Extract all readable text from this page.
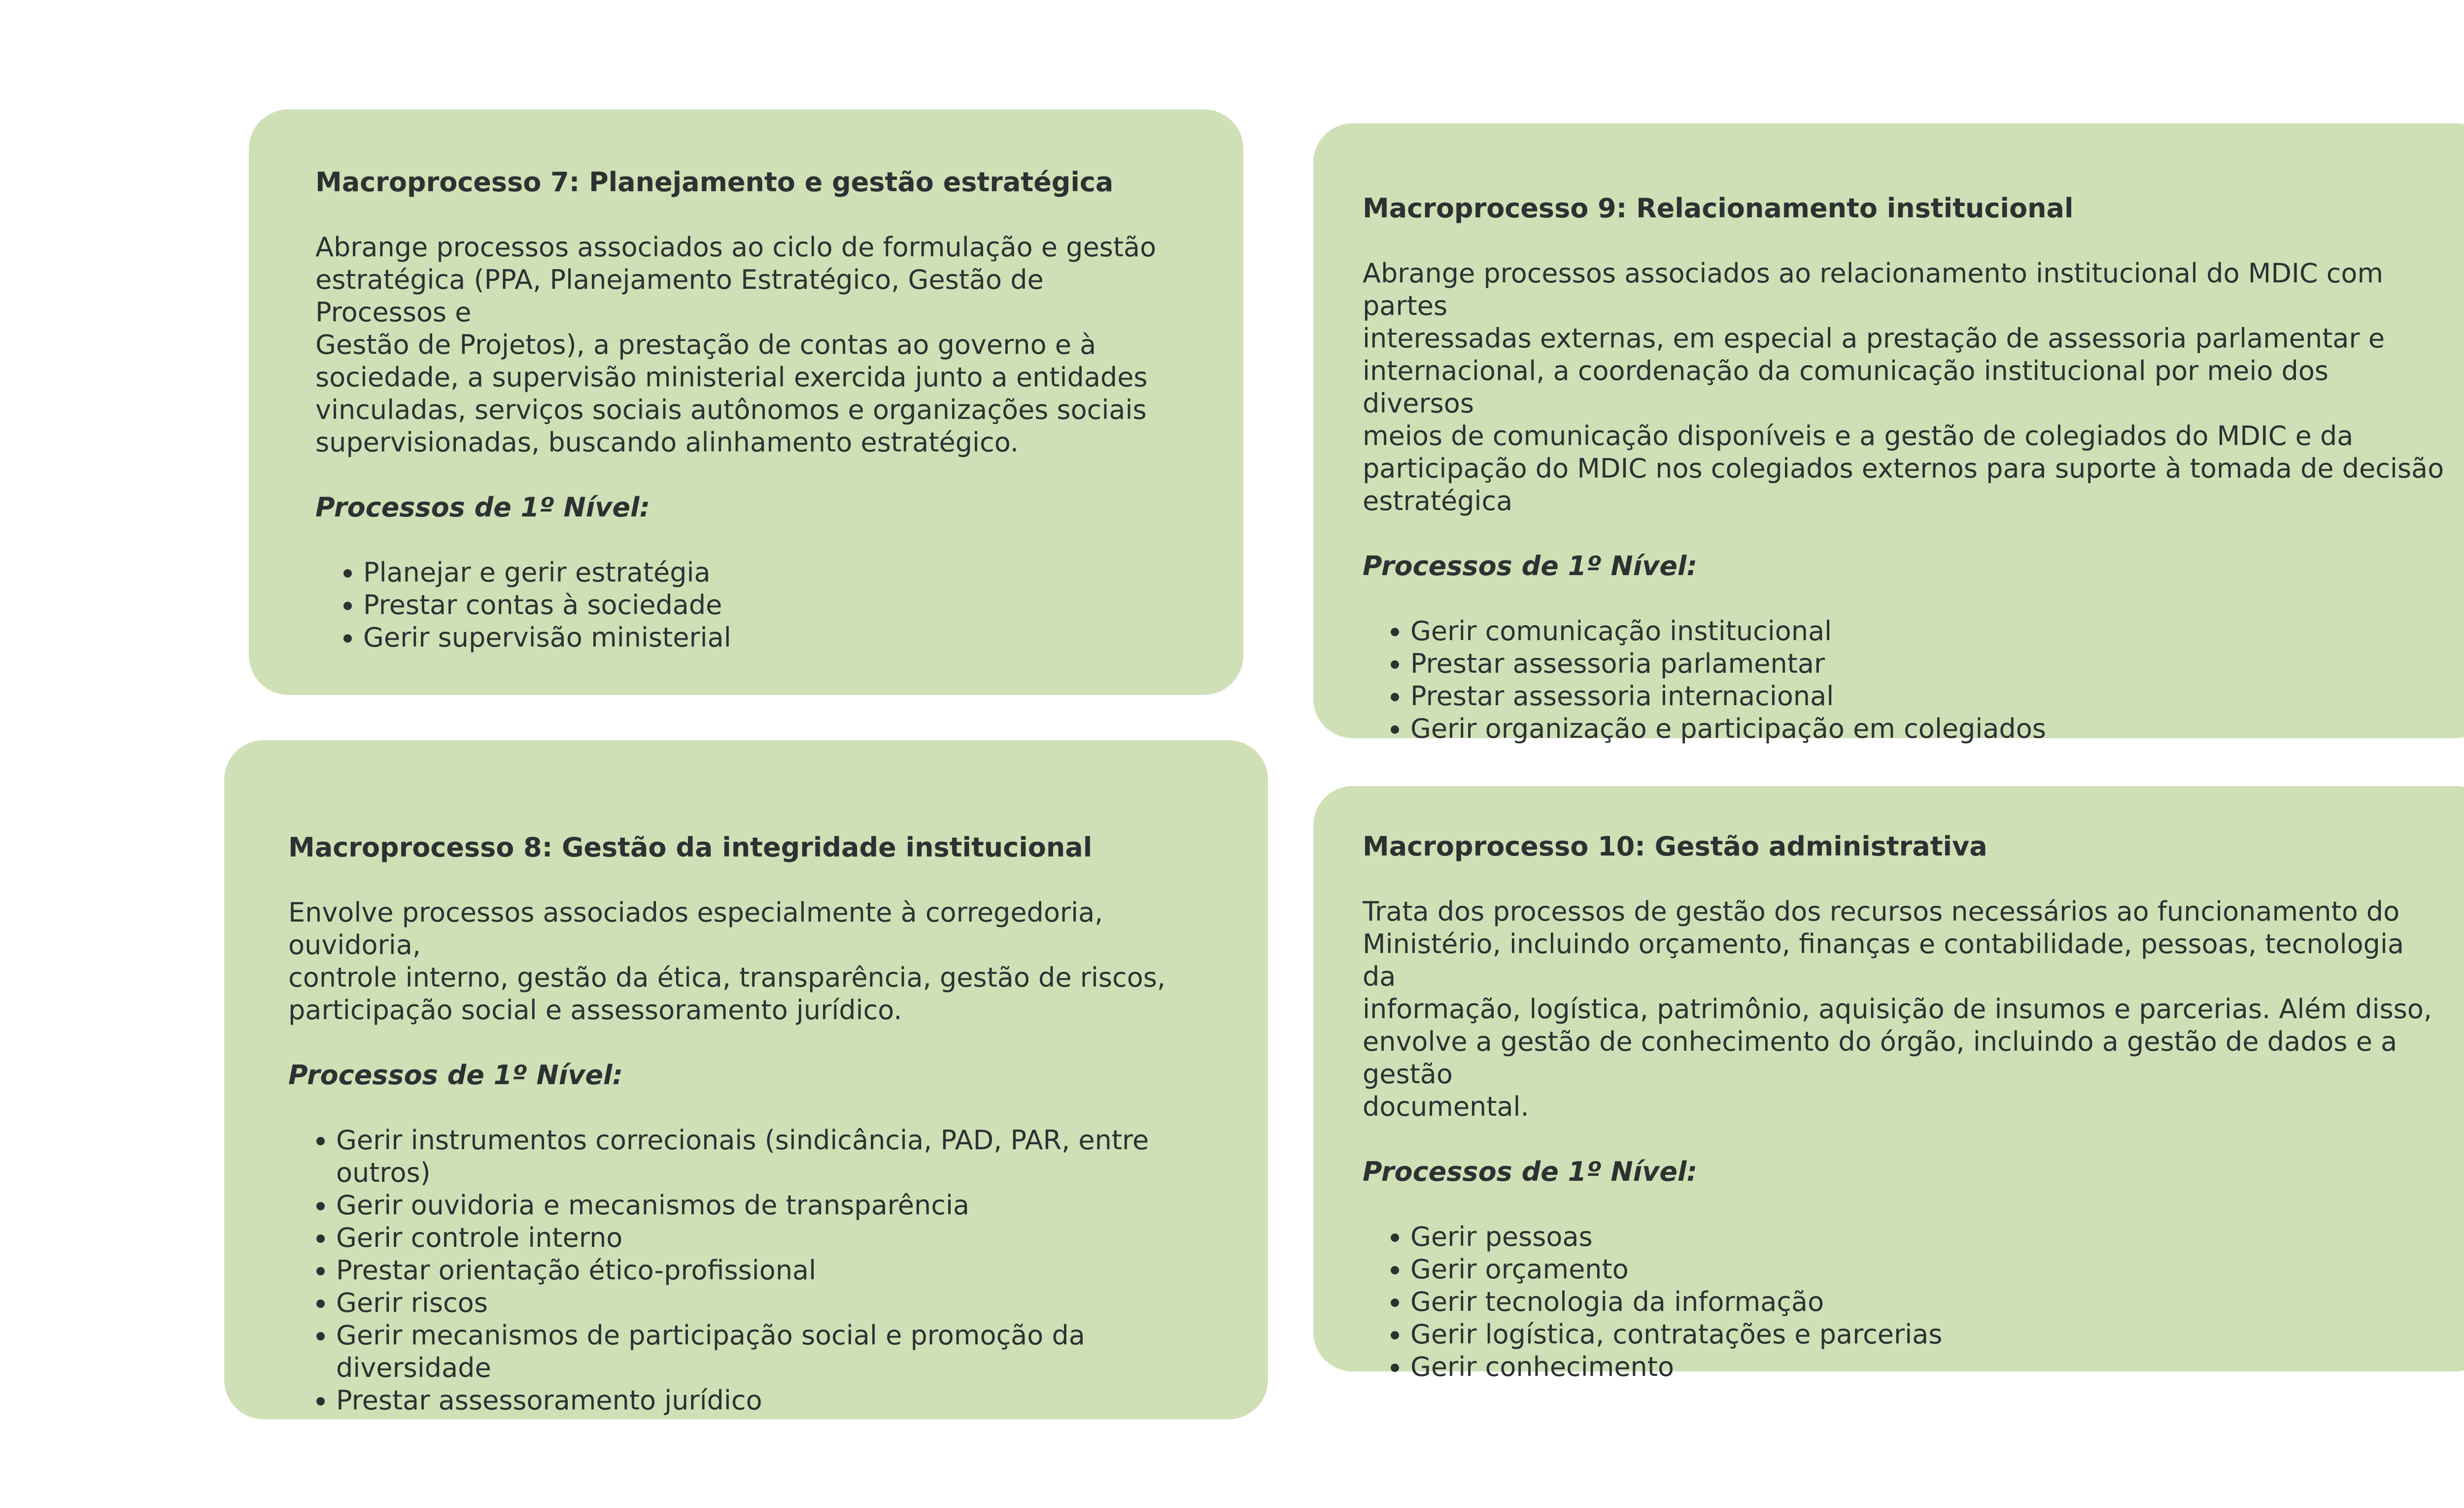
Macroprocesso 7: Planejamento e gestão estratégica
Abrange processos associados ao ciclo de formulação e gestão
estratégica (PPA, Planejamento Estratégico, Gestão de Processos e
Gestão de Projetos), a prestação de contas ao governo e à
sociedade, a supervisão ministerial exercida junto a entidades
vinculadas, serviços sociais autônomos e organizações sociais
supervisionadas, buscando alinhamento estratégico.
Processos de 1º Nível:
• Planejar e gerir estratégia
• Prestar contas à sociedade
• Gerir supervisão ministerial
Macroprocesso 8: Gestão da integridade institucional
Envolve processos associados especialmente à corregedoria, ouvidoria,
controle interno, gestão da ética, transparência, gestão de riscos,
participação social e assessoramento jurídico.
Processos de 1º Nível:
• Gerir instrumentos correcionais (sindicância, PAD, PAR, entre outros)
• Gerir ouvidoria e mecanismos de transparência
• Gerir controle interno
• Prestar orientação ético-profissional
• Gerir riscos
• Gerir mecanismos de participação social e promoção da diversidade
• Prestar assessoramento jurídico
Macroprocesso 9: Relacionamento institucional
Abrange processos associados ao relacionamento institucional do MDIC com partes
interessadas externas, em especial a prestação de assessoria parlamentar e
internacional, a coordenação da comunicação institucional por meio dos diversos
meios de comunicação disponíveis e a gestão de colegiados do MDIC e da
participação do MDIC nos colegiados externos para suporte à tomada de decisão
estratégica
Processos de 1º Nível:
• Gerir comunicação institucional
• Prestar assessoria parlamentar
• Prestar assessoria internacional
• Gerir organização e participação em colegiados
Macroprocesso 10: Gestão administrativa
Trata dos processos de gestão dos recursos necessários ao funcionamento do
Ministério, incluindo orçamento, finanças e contabilidade, pessoas, tecnologia da
informação, logística, patrimônio, aquisição de insumos e parcerias. Além disso,
envolve a gestão de conhecimento do órgão, incluindo a gestão de dados e a gestão
documental.
Processos de 1º Nível:
• Gerir pessoas
• Gerir orçamento
• Gerir tecnologia da informação
• Gerir logística, contratações e parcerias
• Gerir conhecimento
